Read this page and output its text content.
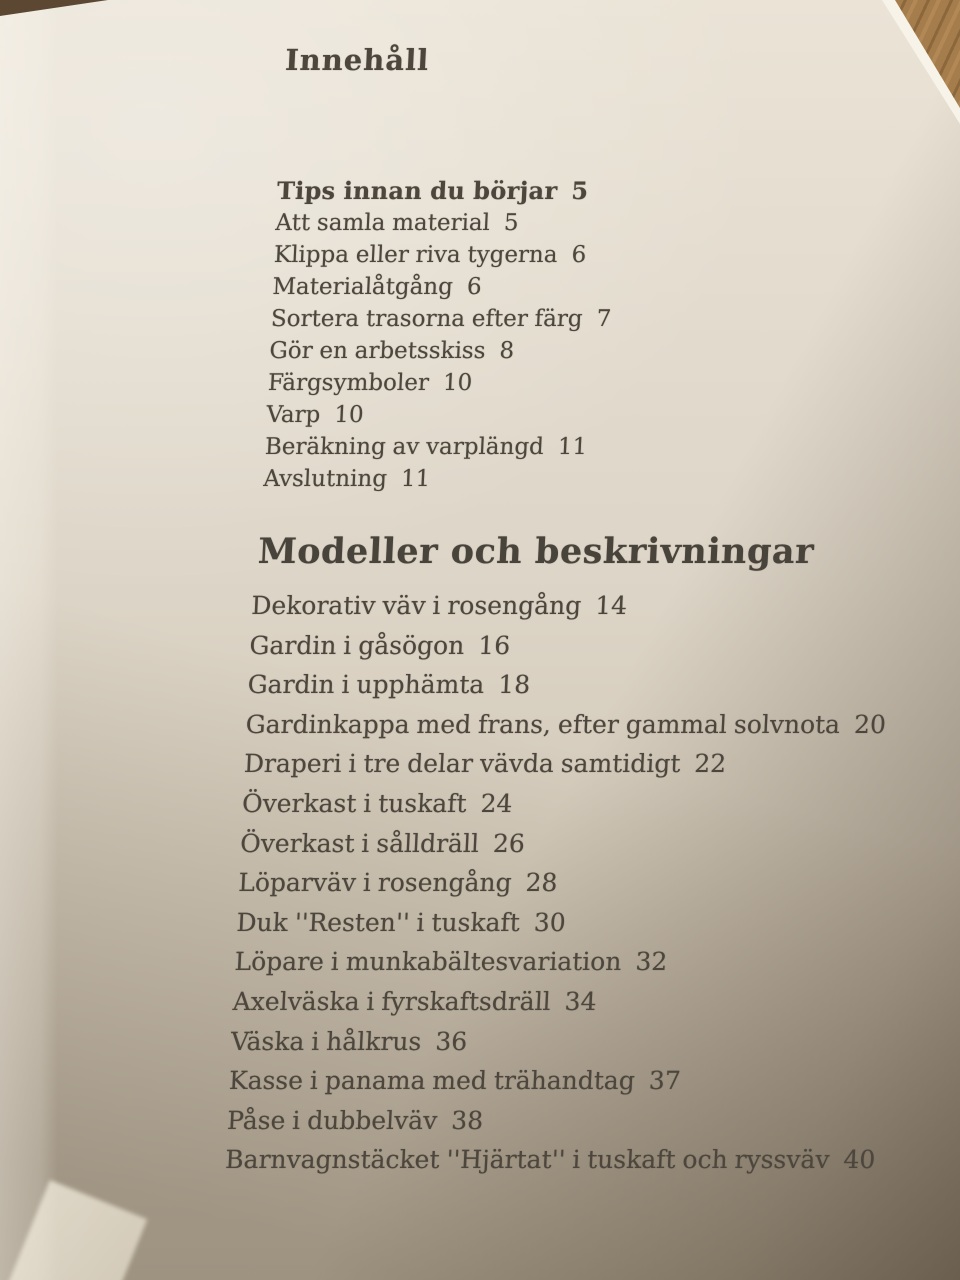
Innehåll
Tips innan du börjar 5
Att samla material 5
Klippa eller riva tygerna 6
Materialåtgång 6
Sortera trasorna efter färg 7
Gör en arbetsskiss 8
Färgsymboler 10
Varp 10
Beräkning av varplängd 11
Avslutning 11
Modeller och beskrivningar
Dekorativ väv i rosengång 14
Gardin i gåsögon 16
Gardin i upphämta 18
Gardinkappa med frans, efter gammal solvnota 20
Draperi i tre delar vävda samtidigt 22
Överkast i tuskaft 24
Överkast i sålldräll 26
Löparväv i rosengång 28
Duk ''Resten'' i tuskaft 30
Löpare i munkabältesvariation 32
Axelväska i fyrskaftsdräll 34
Väska i hålkrus 36
Kasse i panama med trähandtag 37
Påse i dubbelväv 38
Barnvagnstäcket ''Hjärtat'' i tuskaft och ryssväv 40
